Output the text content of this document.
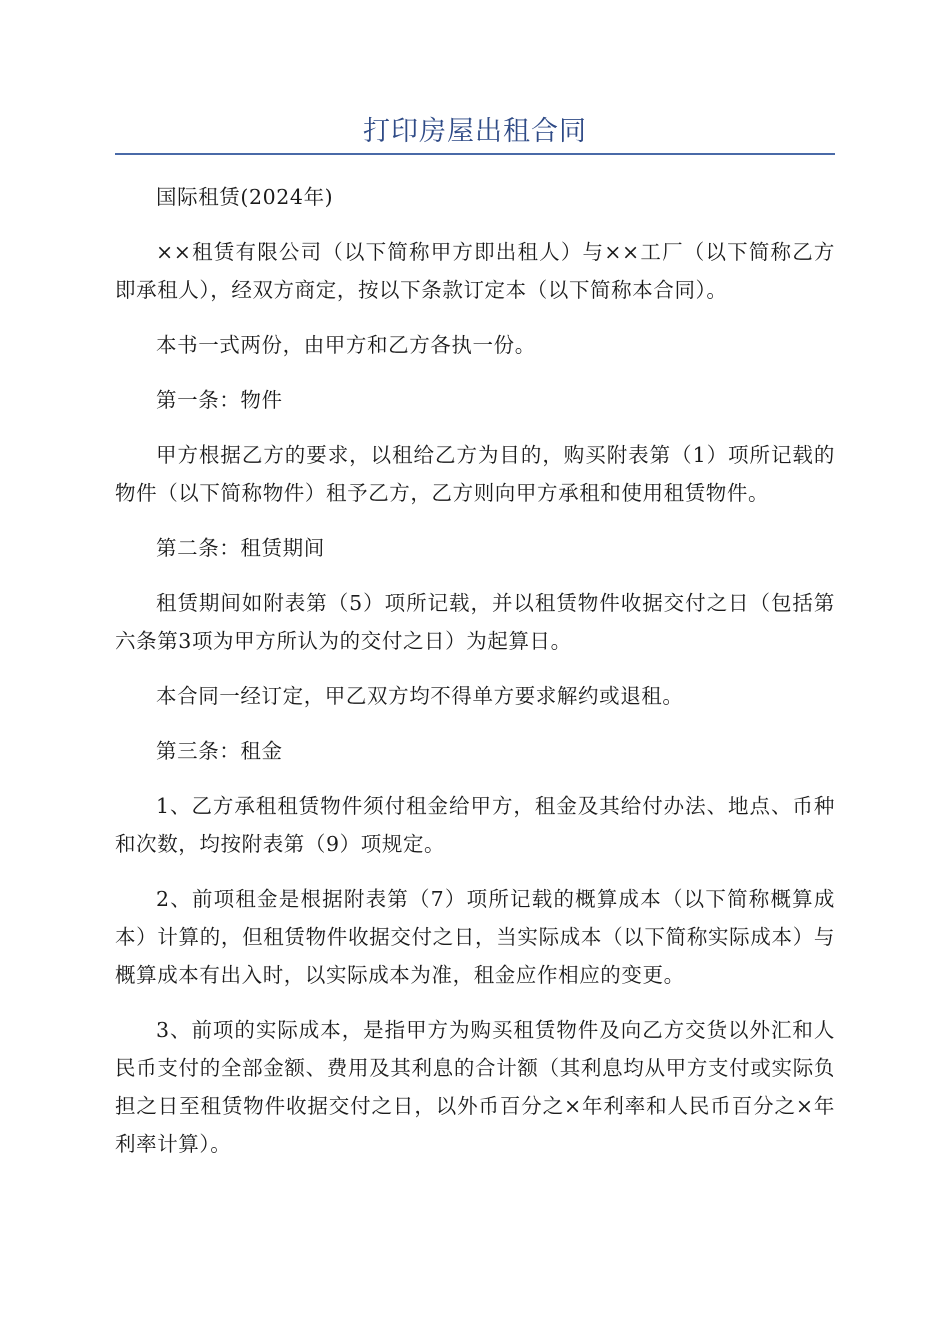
打印房屋出租合同

国际租赁(2024年)

××租赁有限公司（以下简称甲方即出租人）与××工厂（以下简称乙方即承租人），经双方商定，按以下条款订定本（以下简称本合同）。

本书一式两份，由甲方和乙方各执一份。

第一条：物件

甲方根据乙方的要求，以租给乙方为目的，购买附表第（1）项所记载的物件（以下简称物件）租予乙方，乙方则向甲方承租和使用租赁物件。

第二条：租赁期间

租赁期间如附表第（5）项所记载，并以租赁物件收据交付之日（包括第六条第3项为甲方所认为的交付之日）为起算日。

本合同一经订定，甲乙双方均不得单方要求解约或退租。

第三条：租金

1、乙方承租租赁物件须付租金给甲方，租金及其给付办法、地点、币种和次数，均按附表第（9）项规定。

2、前项租金是根据附表第（7）项所记载的概算成本（以下简称概算成本）计算的，但租赁物件收据交付之日，当实际成本（以下简称实际成本）与概算成本有出入时，以实际成本为准，租金应作相应的变更。

3、前项的实际成本，是指甲方为购买租赁物件及向乙方交货以外汇和人民币支付的全部金额、费用及其利息的合计额（其利息均从甲方支付或实际负担之日至租赁物件收据交付之日，以外币百分之×年利率和人民币百分之×年利率计算）。
